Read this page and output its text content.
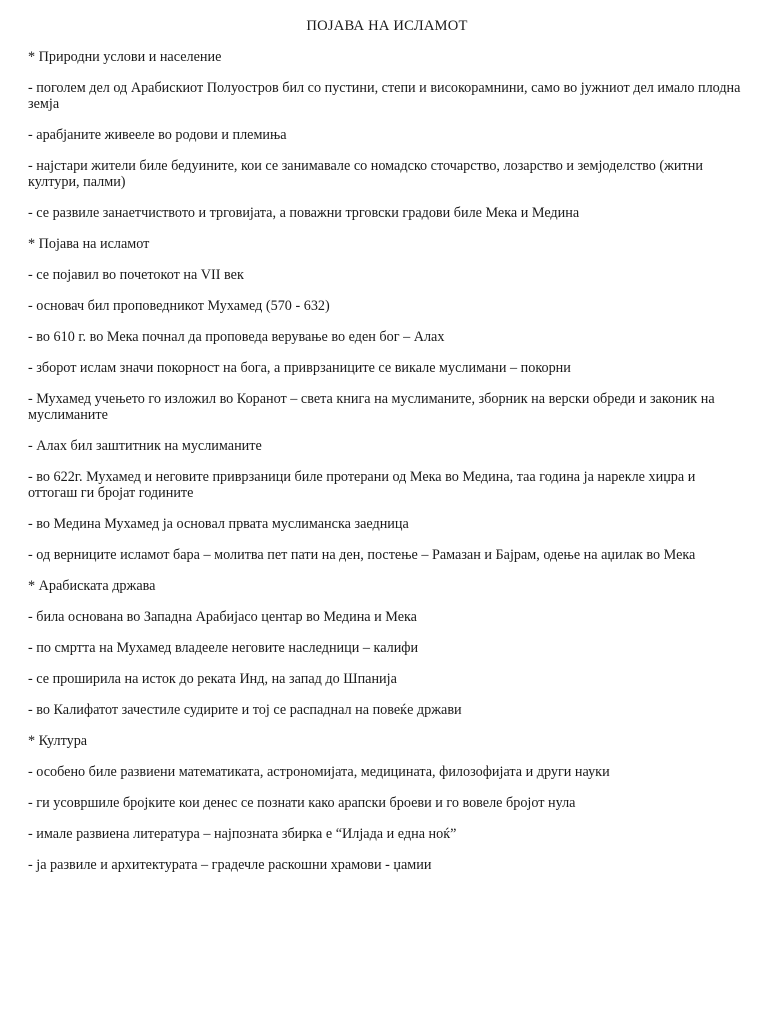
ПОЈАВА НА ИСЛАМОТ

* Природни услови и население

- поголем дел од Арабискиот Полуостров бил со пустини, степи и високорамнини, само во јужниот дел имало плодна земја

- арабјаните живееле во родови и племиња

- најстари жители биле бедуините, кои се занимавале со номадско сточарство, лозарство и земјоделство (житни култури, палми)

- се развиле занаетчиството и трговијата, а поважни трговски градови биле Мека и Медина

* Појава на исламот

- се појавил во почетокот на VII век

- основач бил проповедникот Мухамед (570 - 632)

- во 610 г. во Мека почнал да проповеда верување во еден бог – Алах

- зборот ислам значи покорност на бога, а приврзаниците се викале муслимани – покорни

- Мухамед учењето го изложил во Коранот – света книга на муслиманите, зборник на верски обреди и законик на муслиманите

- Алах бил заштитник на муслиманите

- во 622г. Мухамед и неговите приврзаници биле протерани од Мека во Медина, таа година ја нарекле хиџра и оттогаш ги бројат годините

- во Медина Мухамед ја основал првата муслиманска заедница

- од верниците исламот бара – молитва пет пати на ден, постење – Рамазан и Бајрам, одење на аџилак во Мека

* Арабиската држава

- била основана во Западна Арабијасо центар во Медина и Мека

- по смртта на Мухамед владееле неговите наследници – калифи

- се проширила на исток до реката Инд, на запад до Шпанија

- во Калифатот зачестиле судирите и тој се распаднал на повеќе држави

* Култура

- особено биле развиени математиката, астрономијата, медицината, филозофијата и други науки

- ги усовршиле бројките кои денес се познати како арапски броеви и го вовеле бројот нула

- имале развиена литература – најпозната збирка е “Илјада и една ноќ”

- ја развиле и архитектурата – градечле раскошни храмови - џамии
